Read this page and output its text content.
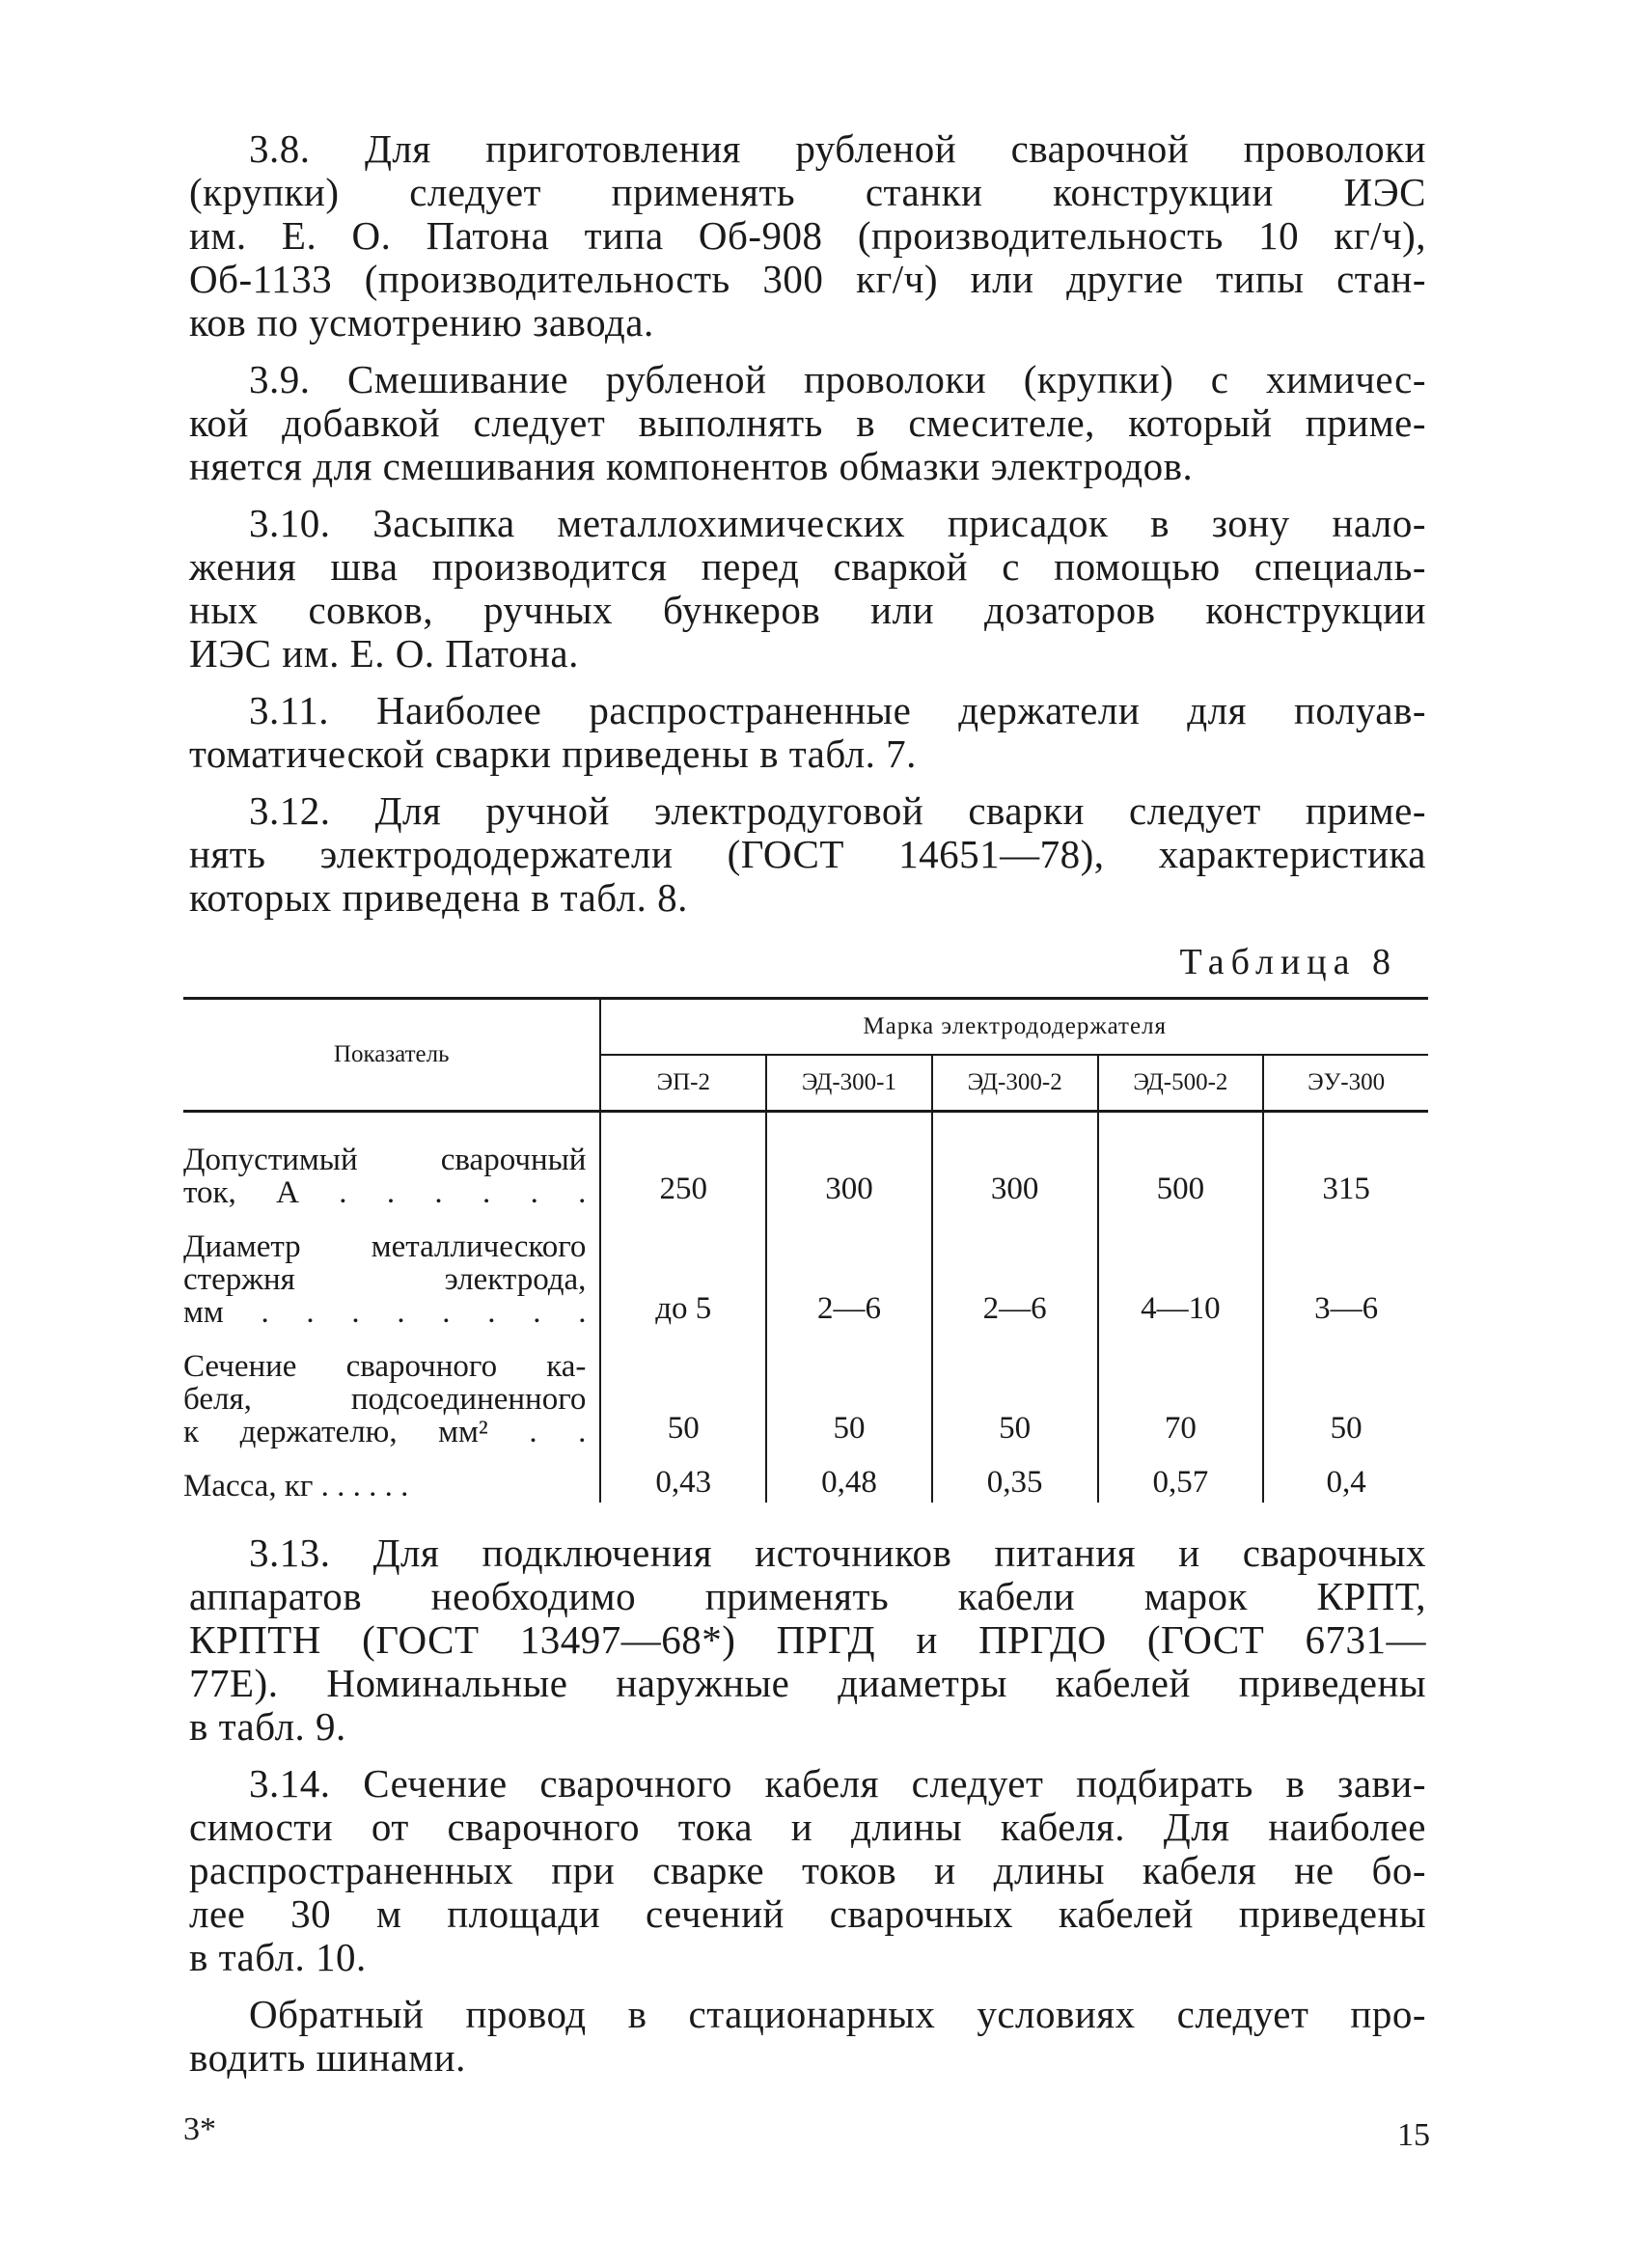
3.8. Для приготовления рубленой сварочной проволоки
(крупки) следует применять станки конструкции ИЭС
им. Е. О. Патона типа Об-908 (производительность 10 кг/ч),
Об-1133 (производительность 300 кг/ч) или другие типы стан-
ков по усмотрению завода.
3.9. Смешивание рубленой проволоки (крупки) с химичес-
кой добавкой следует выполнять в смесителе, который приме-
няется для смешивания компонентов обмазки электродов.
3.10. Засыпка металлохимических присадок в зону нало-
жения шва производится перед сваркой с помощью специаль-
ных совков, ручных бункеров или дозаторов конструкции
ИЭС им. Е. О. Патона.
3.11. Наиболее распространенные держатели для полуав-
томатической сварки приведены в табл. 7.
3.12. Для ручной электродуговой сварки следует приме-
нять электрододержатели (ГОСТ 14651—78), характеристика
которых приведена в табл. 8.
Таблица 8
Показатель	Марка электрододержателя				
	ЭП-2	ЭД-300-1	ЭД-300-2	ЭД-500-2	ЭУ-300

Допустимый сварочный
ток, А . . . . . .	250	300	300	500	315

Диаметр металлического
стержня электрода,
мм . . . . . . . .	до 5	2—6	2—6	4—10	3—6

Сечение сварочного ка-
беля, подсоединенного
к держателю, мм² . .	50	50	50	70	50

Масса, кг . . . . . .	0,43	0,48	0,35	0,57	0,4
3.13. Для подключения источников питания и сварочных
аппаратов необходимо применять кабели марок КРПТ,
КРПТН (ГОСТ 13497—68*) ПРГД и ПРГДО (ГОСТ 6731—
77Е). Номинальные наружные диаметры кабелей приведены
в табл. 9.
3.14. Сечение сварочного кабеля следует подбирать в зави-
симости от сварочного тока и длины кабеля. Для наиболее
распространенных при сварке токов и длины кабеля не бо-
лее 30 м площади сечений сварочных кабелей приведены
в табл. 10.
Обратный провод в стационарных условиях следует про-
водить шинами.
3*	15
